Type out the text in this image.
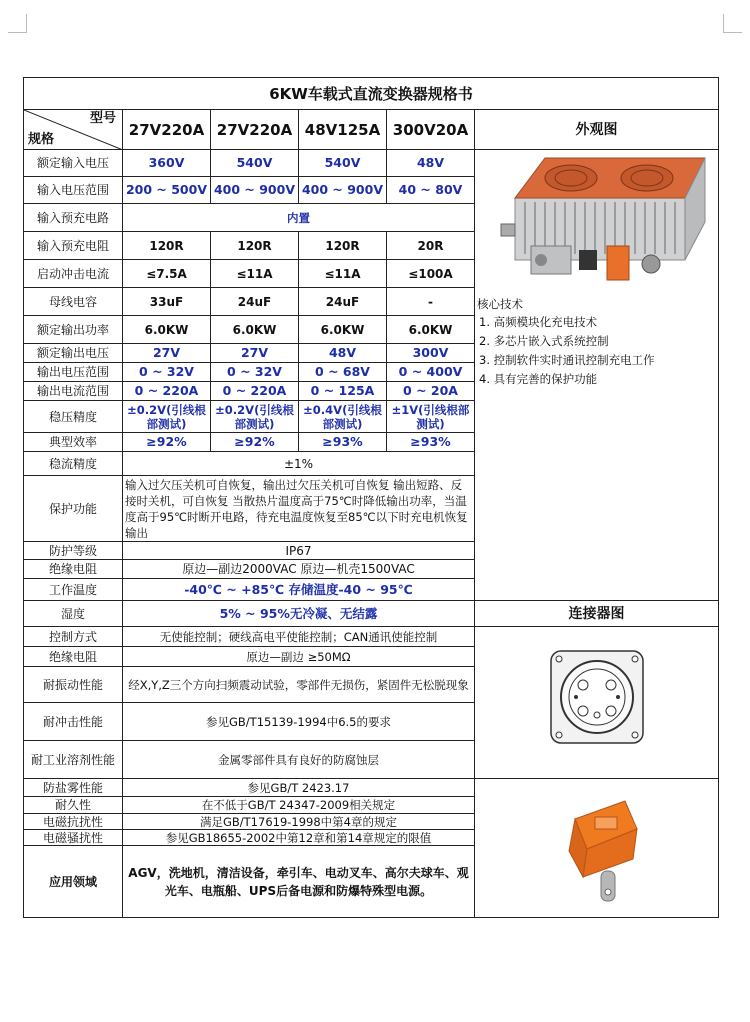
6KW车载式直流变换器规格书					

型号
规格	27V220A	27V220A	48V125A	300V20A	外观图
额定输入电压	360V	540V	540V	48V	核心技术
1. 高频模块化充电技术
2. 多芯片嵌入式系统控制
3. 控制软件实时通讯控制充电工作
4. 具有完善的保护功能

输入电压范围	200 ~ 500V	400 ~ 900V	400 ~ 900V	40 ~ 80V	
输入预充电路	内置				
输入预充电阻	120R	120R	120R	20R	
启动冲击电流	≤7.5A	≤11A	≤11A	≤100A	
母线电容	33uF	24uF	24uF	-	
额定输出功率	6.0KW	6.0KW	6.0KW	6.0KW	
额定输出电压	27V	27V	48V	300V	
输出电压范围	0 ~ 32V	0 ~ 32V	0 ~ 68V	0 ~ 400V	
输出电流范围	0 ~ 220A	0 ~ 220A	0 ~ 125A	0 ~ 20A	
稳压精度	±0.2V(引线根部测试)	±0.2V(引线根部测试)	±0.4V(引线根部测试)	±1V(引线根部测试)	
典型效率	≥92%	≥92%	≥93%	≥93%	
稳流精度	±1%				
保护功能	输入过欠压关机可自恢复，输出过欠压关机可自恢复 输出短路、反接时关机，可自恢复 当散热片温度高于75℃时降低输出功率，当温度高于95℃时断开电路，待充电温度恢复至85℃以下时充电机恢复输出				
防护等级	IP67				
绝缘电阻	原边—副边2000VAC 原边—机壳1500VAC				
工作温度	-40℃ ~ +85℃ 存储温度-40 ~ 95℃				
湿度	5% ~ 95%无冷凝、无结露				连接器图
控制方式	无使能控制；硬线高电平使能控制；CAN通讯使能控制	
绝缘电阻	原边—副边 ≥50MΩ				
耐振动性能	经X,Y,Z三个方向扫频震动试验，零部件无损伤，紧固件无松脱现象				
耐冲击性能	参见GB/T15139-1994中6.5的要求				
耐工业溶剂性能	金属零部件具有良好的防腐蚀层				
防盐雾性能	参见GB/T 2423.17	
耐久性	在不低于GB/T 24347-2009相关规定				
电磁抗扰性	满足GB/T17619-1998中第4章的规定				
电磁骚扰性	参见GB18655-2002中第12章和第14章规定的限值				
应用领域	AGV，洗地机，清洁设备，牵引车、电动叉车、高尔夫球车、观光车、电瓶船、UPS后备电源和防爆特殊型电源。				
